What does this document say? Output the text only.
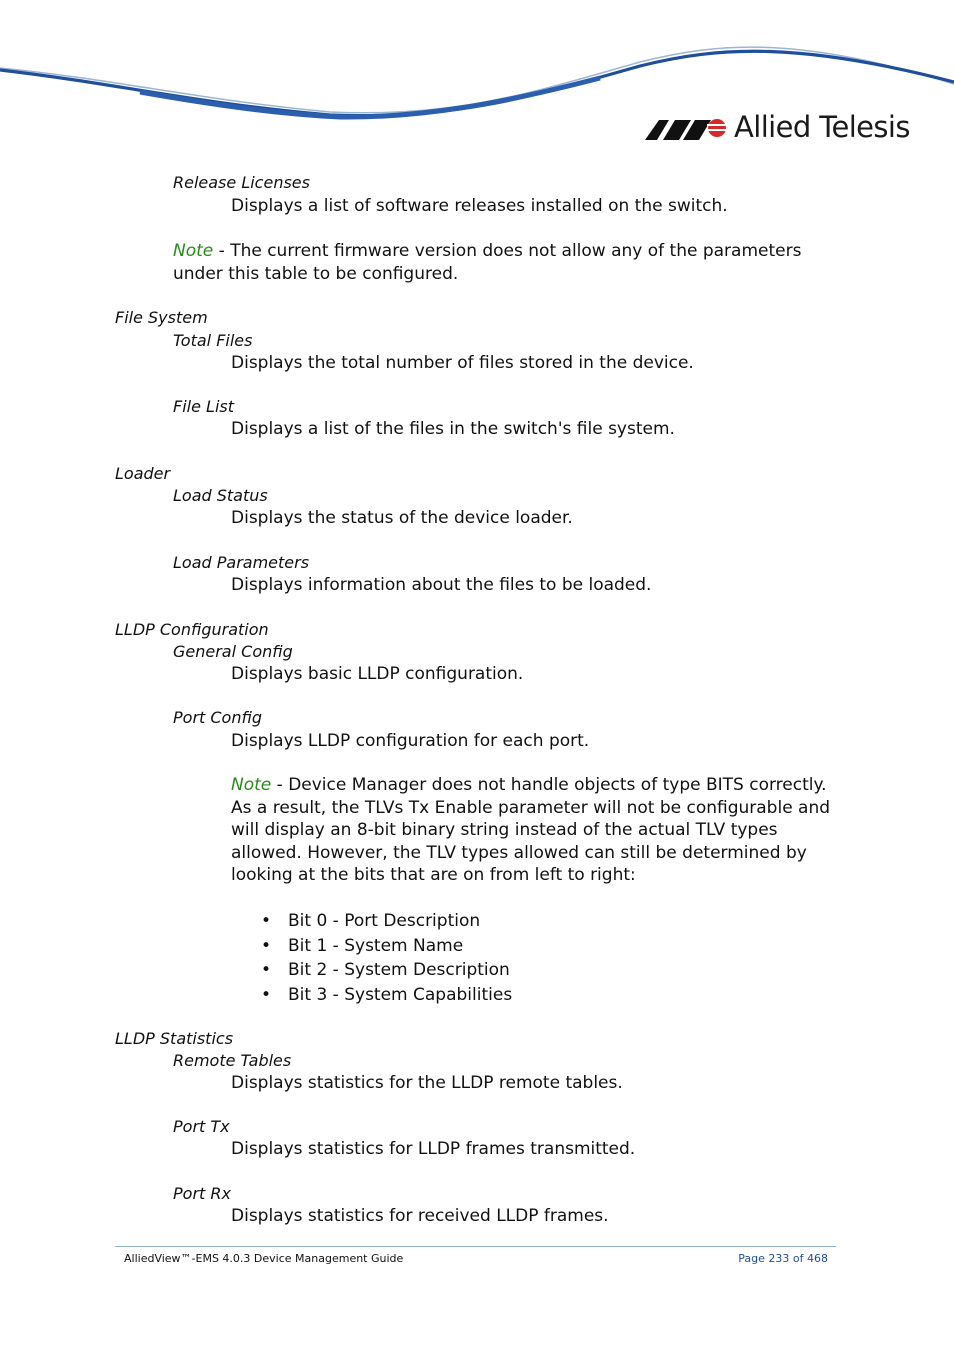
Allied Telesis
Release Licenses
Displays a list of software releases installed on the switch.
Note - The current firmware version does not allow any of the parameters under this table to be configured.
File System
Total Files
Displays the total number of files stored in the device.
File List
Displays a list of the files in the switch's file system.
Loader
Load Status
Displays the status of the device loader.
Load Parameters
Displays information about the files to be loaded.
LLDP Configuration
General Config
Displays basic LLDP configuration.
Port Config
Displays LLDP configuration for each port.
Note - Device Manager does not handle objects of type BITS correctly. As a result, the TLVs Tx Enable parameter will not be configurable and will display an 8-bit binary string instead of the actual TLV types allowed. However, the TLV types allowed can still be determined by looking at the bits that are on from left to right:
• Bit 0 - Port Description
• Bit 1 - System Name
• Bit 2 - System Description
• Bit 3 - System Capabilities
LLDP Statistics
Remote Tables
Displays statistics for the LLDP remote tables.
Port Tx
Displays statistics for LLDP frames transmitted.
Port Rx
Displays statistics for received LLDP frames.
AlliedView™-EMS 4.0.3 Device Management Guide	Page 233 of 468
